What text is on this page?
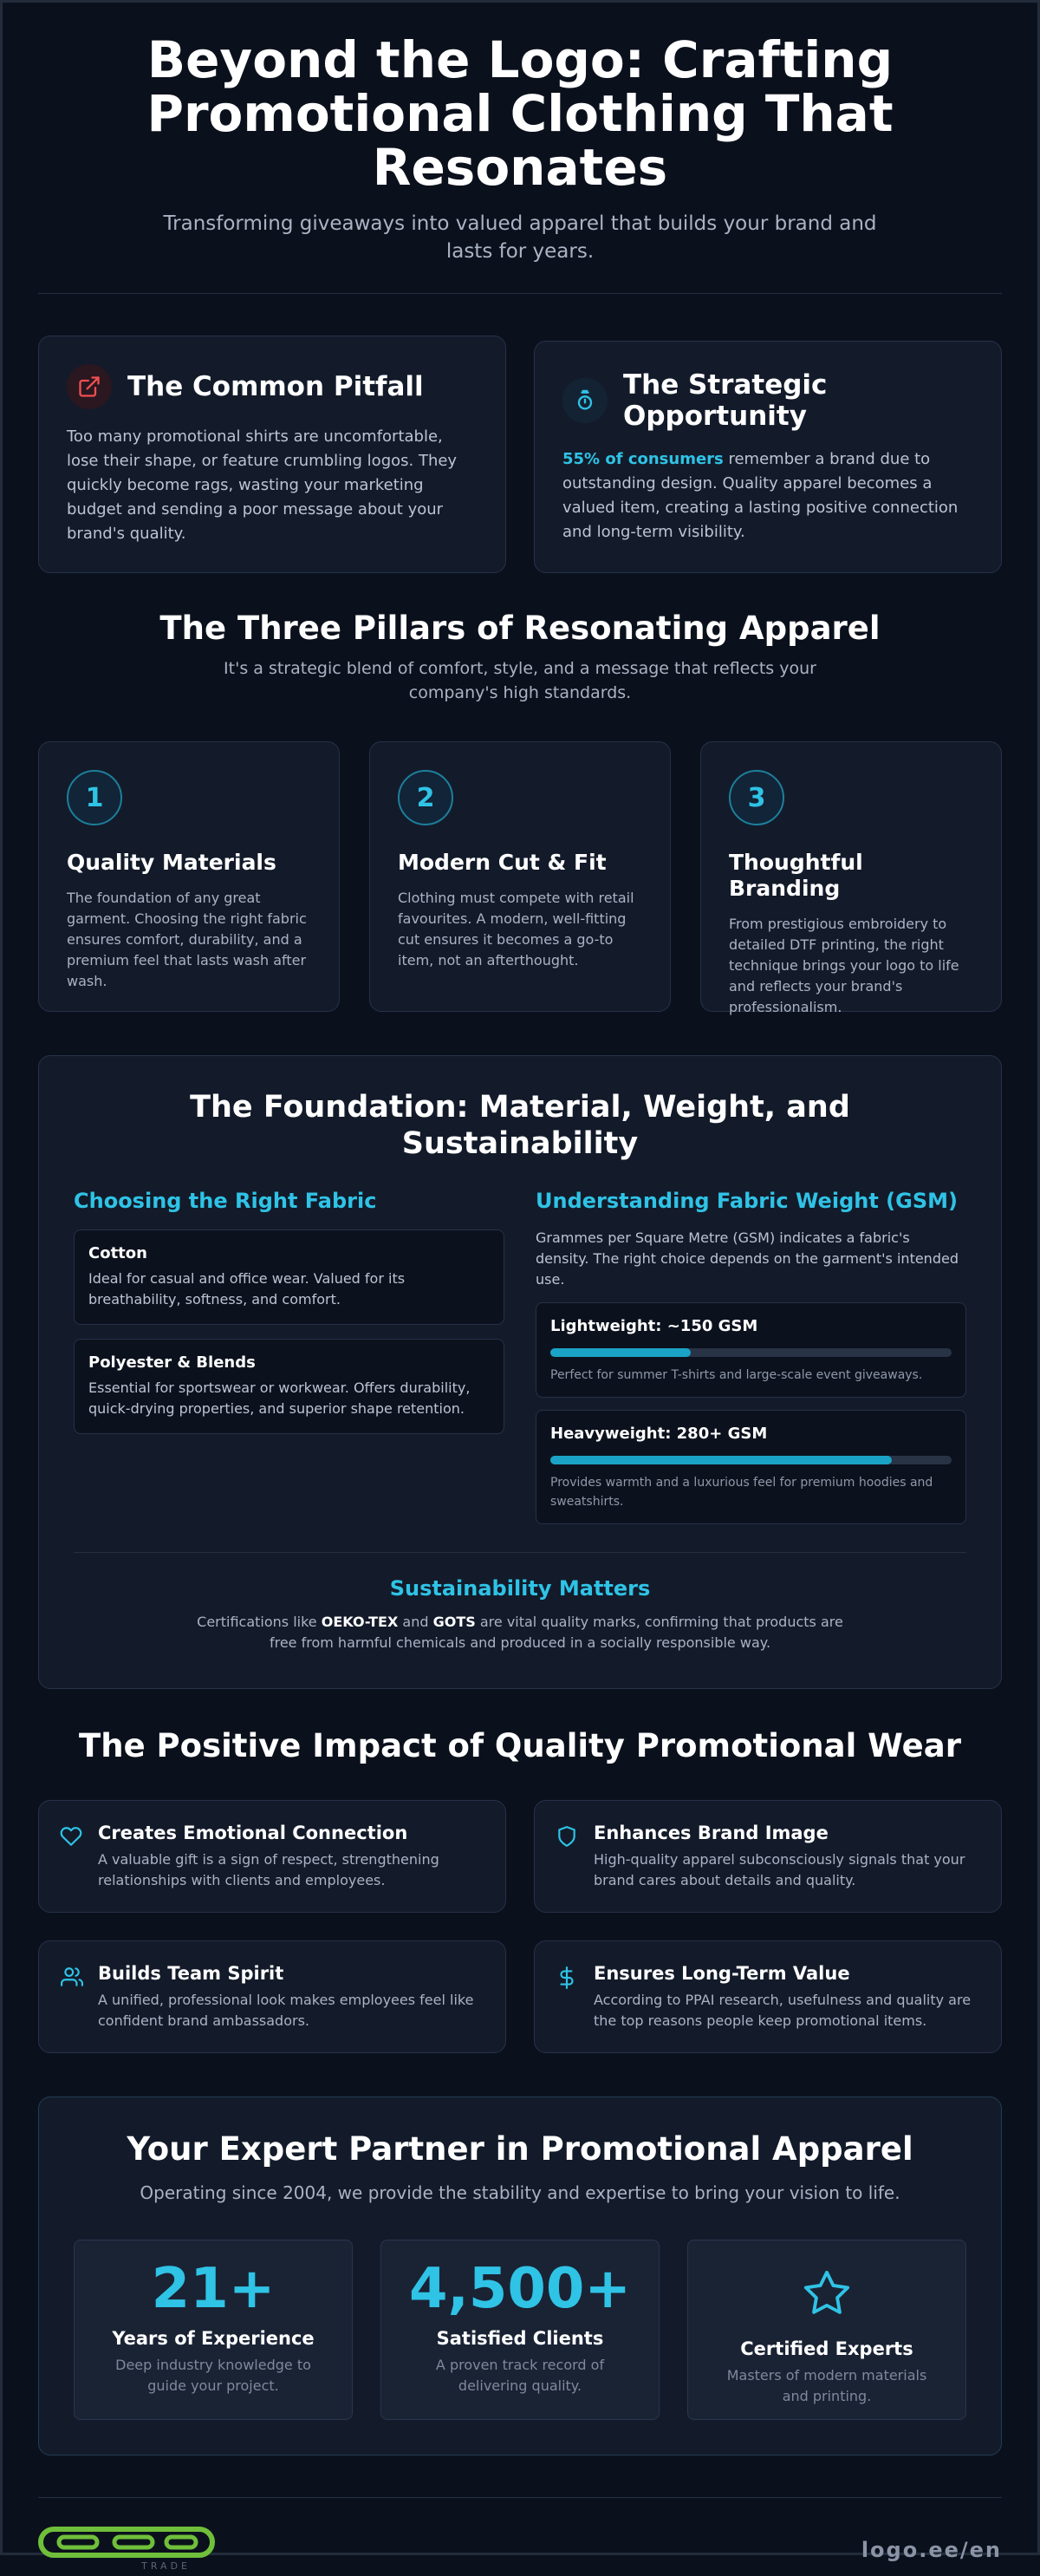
Beyond the Logo: Crafting Promotional Clothing That Resonates

Transforming giveaways into valued apparel that builds your brand and lasts for years.

The Common Pitfall

Too many promotional shirts are uncomfortable, lose their shape, or feature crumbling logos. They quickly become rags, wasting your marketing budget and sending a poor message about your brand's quality.

The Strategic Opportunity

55% of consumers remember a brand due to outstanding design. Quality apparel becomes a valued item, creating a lasting positive connection and long-term visibility.

The Three Pillars of Resonating Apparel

It's a strategic blend of comfort, style, and a message that reflects your company's high standards.

1
Quality Materials

The foundation of any great garment. Choosing the right fabric ensures comfort, durability, and a premium feel that lasts wash after wash.

2
Modern Cut & Fit

Clothing must compete with retail favourites. A modern, well-fitting cut ensures it becomes a go-to item, not an afterthought.

3
Thoughtful Branding

From prestigious embroidery to detailed DTF printing, the right technique brings your logo to life and reflects your brand's professionalism.

The Foundation: Material, Weight, and Sustainability
Choosing the Right Fabric
Cotton

Ideal for casual and office wear. Valued for its breathability, softness, and comfort.

Polyester & Blends

Essential for sportswear or workwear. Offers durability, quick-drying properties, and superior shape retention.

Understanding Fabric Weight (GSM)

Grammes per Square Metre (GSM) indicates a fabric's density. The right choice depends on the garment's intended use.

Lightweight: ~150 GSM

Perfect for summer T-shirts and large-scale event giveaways.

Heavyweight: 280+ GSM

Provides warmth and a luxurious feel for premium hoodies and sweatshirts.

Sustainability Matters

Certifications like OEKO-TEX and GOTS are vital quality marks, confirming that products are free from harmful chemicals and produced in a socially responsible way.

The Positive Impact of Quality Promotional Wear
Creates Emotional Connection

A valuable gift is a sign of respect, strengthening relationships with clients and employees.

Enhances Brand Image

High-quality apparel subconsciously signals that your brand cares about details and quality.

Builds Team Spirit

A unified, professional look makes employees feel like confident brand ambassadors.

Ensures Long-Term Value

According to PPAI research, usefulness and quality are the top reasons people keep promotional items.

Your Expert Partner in Promotional Apparel

Operating since 2004, we provide the stability and expertise to bring your vision to life.

21+
Years of Experience

Deep industry knowledge to guide your project.

4,500+
Satisfied Clients

A proven track record of delivering quality.

Certified Experts

Masters of modern materials and printing.

TRADE
logo.ee/en
